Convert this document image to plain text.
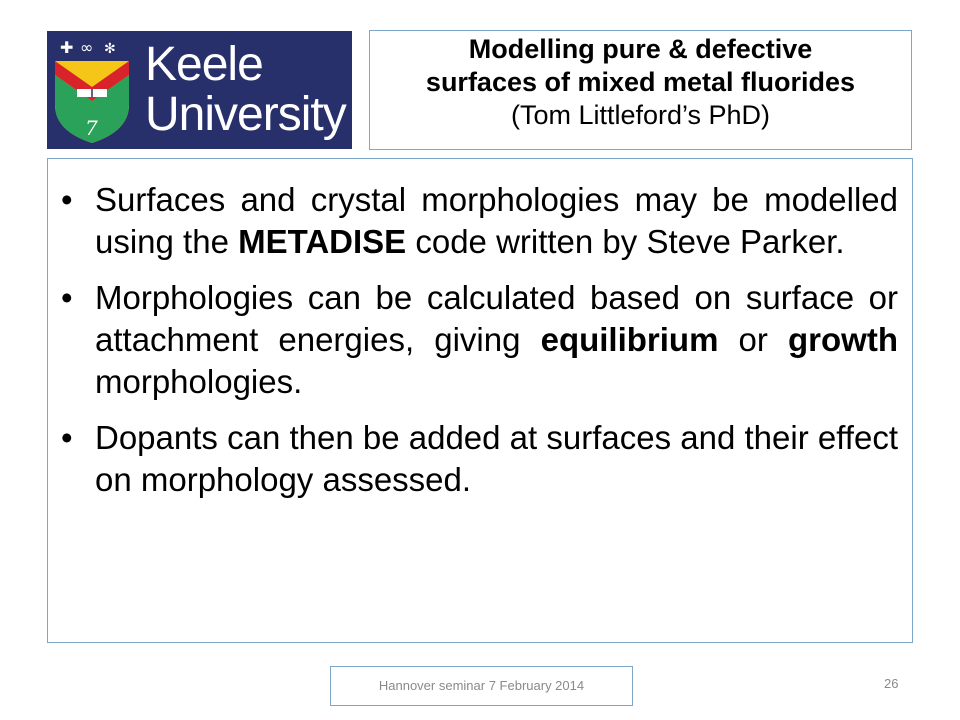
✚ ∞ ✻
7
Keele
University
Modelling pure & defective
surfaces of mixed metal fluorides
(Tom Littleford’s PhD)
• Surfaces and crystal morphologies may be modelled using the METADISE code written by Steve Parker.
• Morphologies can be calculated based on surface or attachment energies, giving equilibrium or growth morphologies.
• Dopants can then be added at surfaces and their effect on morphology assessed.
Hannover seminar 7 February 2014	26
